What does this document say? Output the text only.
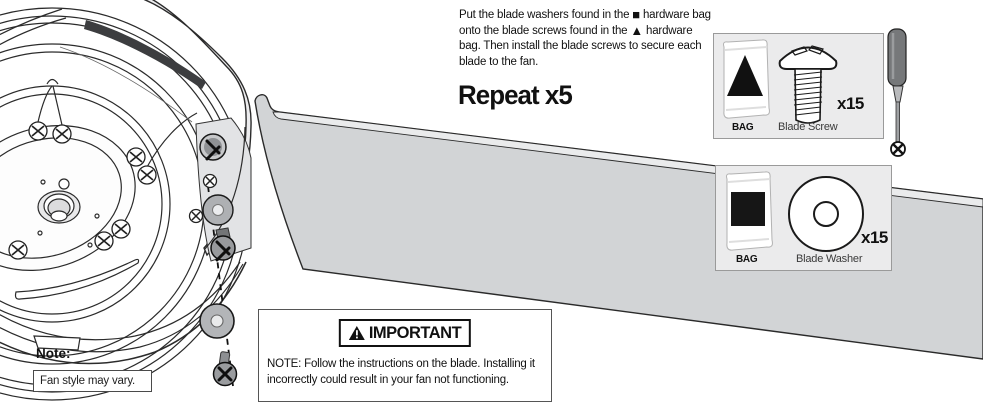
Put the blade washers found in the ■ hardware bag onto the blade screws found in the ▲ hardware bag. Then install the blade screws to secure each blade to the fan.
Repeat x5
BAG
x15
Blade Screw
BAG
x15
Blade Washer
Note:
Fan style may vary.
IMPORTANT
NOTE: Follow the instructions on the blade. Installing it incorrectly could result in your fan not functioning.
